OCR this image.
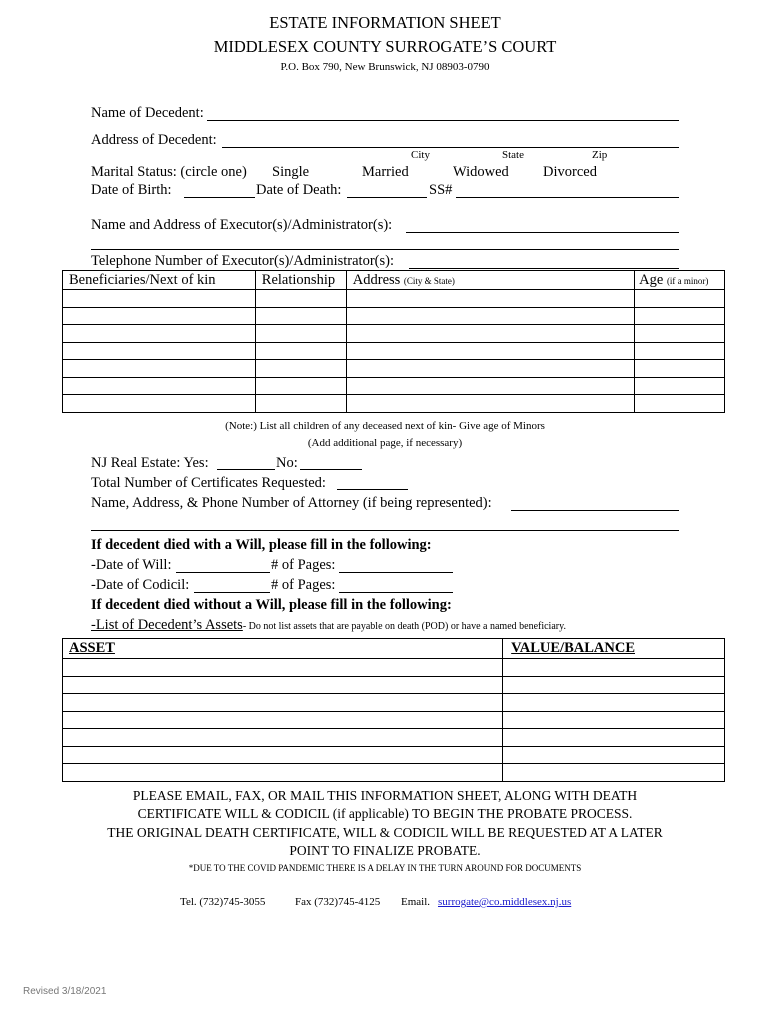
ESTATE INFORMATION SHEET
MIDDLESEX COUNTY SURROGATE’S COURT
P.O. Box 790, New Brunswick, NJ 08903-0790
Name of Decedent:
Address of Decedent:
City	State	Zip
Marital Status: (circle one) Single	Married	Widowed Divorced
Date of Birth:	Date of Death:	SS#
Name and Address of Executor(s)/Administrator(s):
Telephone Number of Executor(s)/Administrator(s):
Beneficiaries/Next of kin	Relationship	Address (City & State)	Age (if a minor)

(Note:) List all children of any deceased next of kin- Give age of Minors
(Add additional page, if necessary)
NJ Real Estate: Yes:	No:
Total Number of Certificates Requested:
Name, Address, & Phone Number of Attorney (if being represented):
If decedent died with a Will, please fill in the following:
-Date of Will:	# of Pages:
-Date of Codicil:	# of Pages:
If decedent died without a Will, please fill in the following:
-List of Decedent’s Assets- Do not list assets that are payable on death (POD) or have a named beneficiary.
ASSET	VALUE/BALANCE

PLEASE EMAIL, FAX, OR MAIL THIS INFORMATION SHEET, ALONG WITH DEATH
CERTIFICATE WILL & CODICIL (if applicable) TO BEGIN THE PROBATE PROCESS.
THE ORIGINAL DEATH CERTIFICATE, WILL & CODICIL WILL BE REQUESTED AT A LATER
POINT TO FINALIZE PROBATE.
*DUE TO THE COVID PANDEMIC THERE IS A DELAY IN THE TURN AROUND FOR DOCUMENTS
Tel. (732)745-3055	Fax (732)745-4125 Email. surrogate@co.middlesex.nj.us
Revised 3/18/2021
